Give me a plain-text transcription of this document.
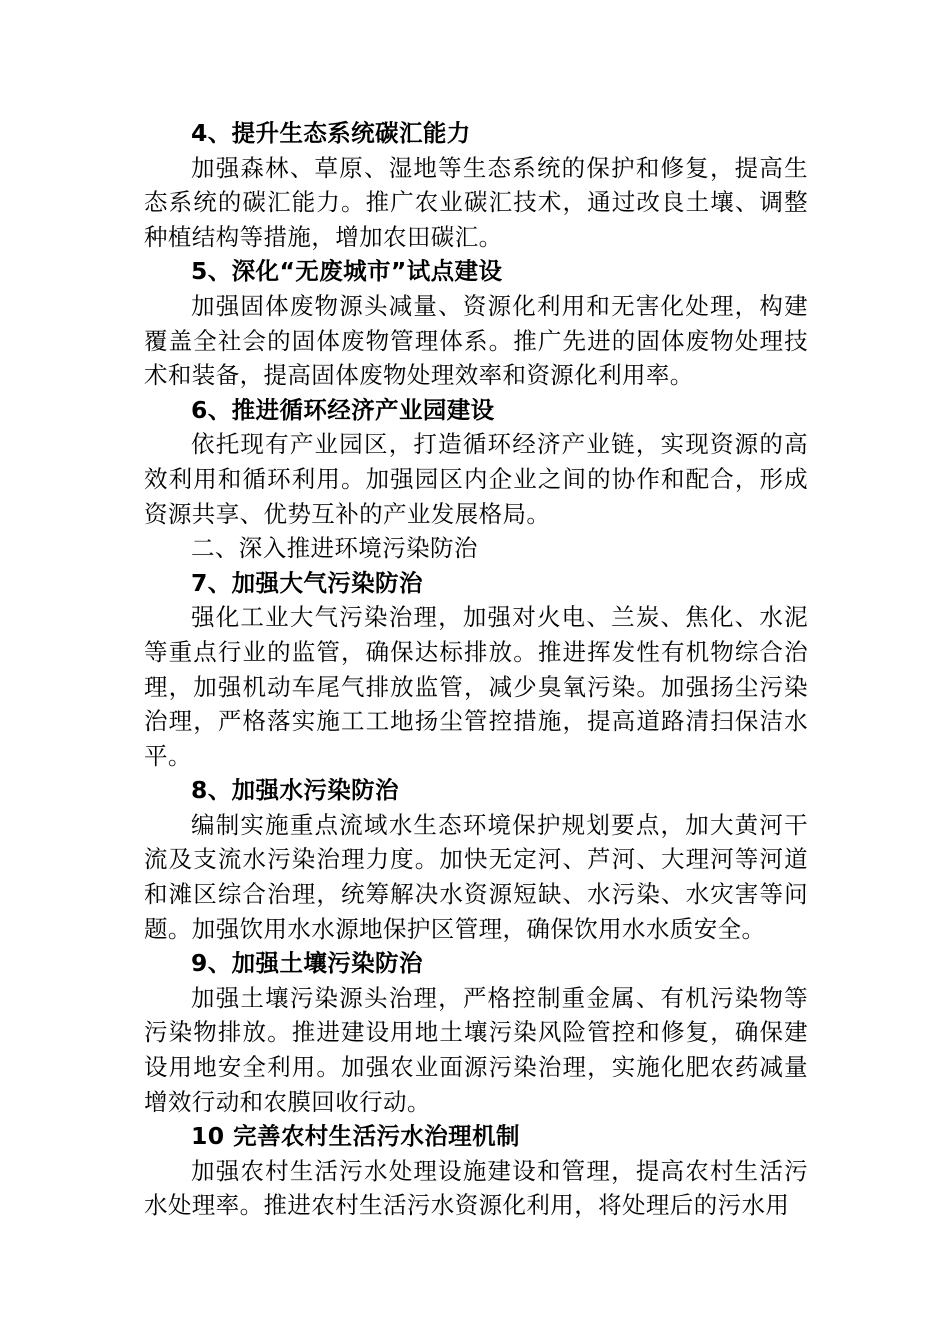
4、提升生态系统碳汇能力

加强森林、草原、湿地等生态系统的保护和修复，提高生态系统的碳汇能力。推广农业碳汇技术，通过改良土壤、调整种植结构等措施，增加农田碳汇。

5、深化“无废城市”试点建设

加强固体废物源头减量、资源化利用和无害化处理，构建覆盖全社会的固体废物管理体系。推广先进的固体废物处理技术和装备，提高固体废物处理效率和资源化利用率。

6、推进循环经济产业园建设

依托现有产业园区，打造循环经济产业链，实现资源的高效利用和循环利用。加强园区内企业之间的协作和配合，形成资源共享、优势互补的产业发展格局。

二、深入推进环境污染防治

7、加强大气污染防治

强化工业大气污染治理，加强对火电、兰炭、焦化、水泥等重点行业的监管，确保达标排放。推进挥发性有机物综合治理，加强机动车尾气排放监管，减少臭氧污染。加强扬尘污染治理，严格落实施工工地扬尘管控措施，提高道路清扫保洁水平。

8、加强水污染防治

编制实施重点流域水生态环境保护规划要点，加大黄河干流及支流水污染治理力度。加快无定河、芦河、大理河等河道和滩区综合治理，统筹解决水资源短缺、水污染、水灾害等问题。加强饮用水水源地保护区管理，确保饮用水水质安全。

9、加强土壤污染防治

加强土壤污染源头治理，严格控制重金属、有机污染物等污染物排放。推进建设用地土壤污染风险管控和修复，确保建设用地安全利用。加强农业面源污染治理，实施化肥农药减量增效行动和农膜回收行动。

10 完善农村生活污水治理机制

加强农村生活污水处理设施建设和管理，提高农村生活污水处理率。推进农村生活污水资源化利用，将处理后的污水用
